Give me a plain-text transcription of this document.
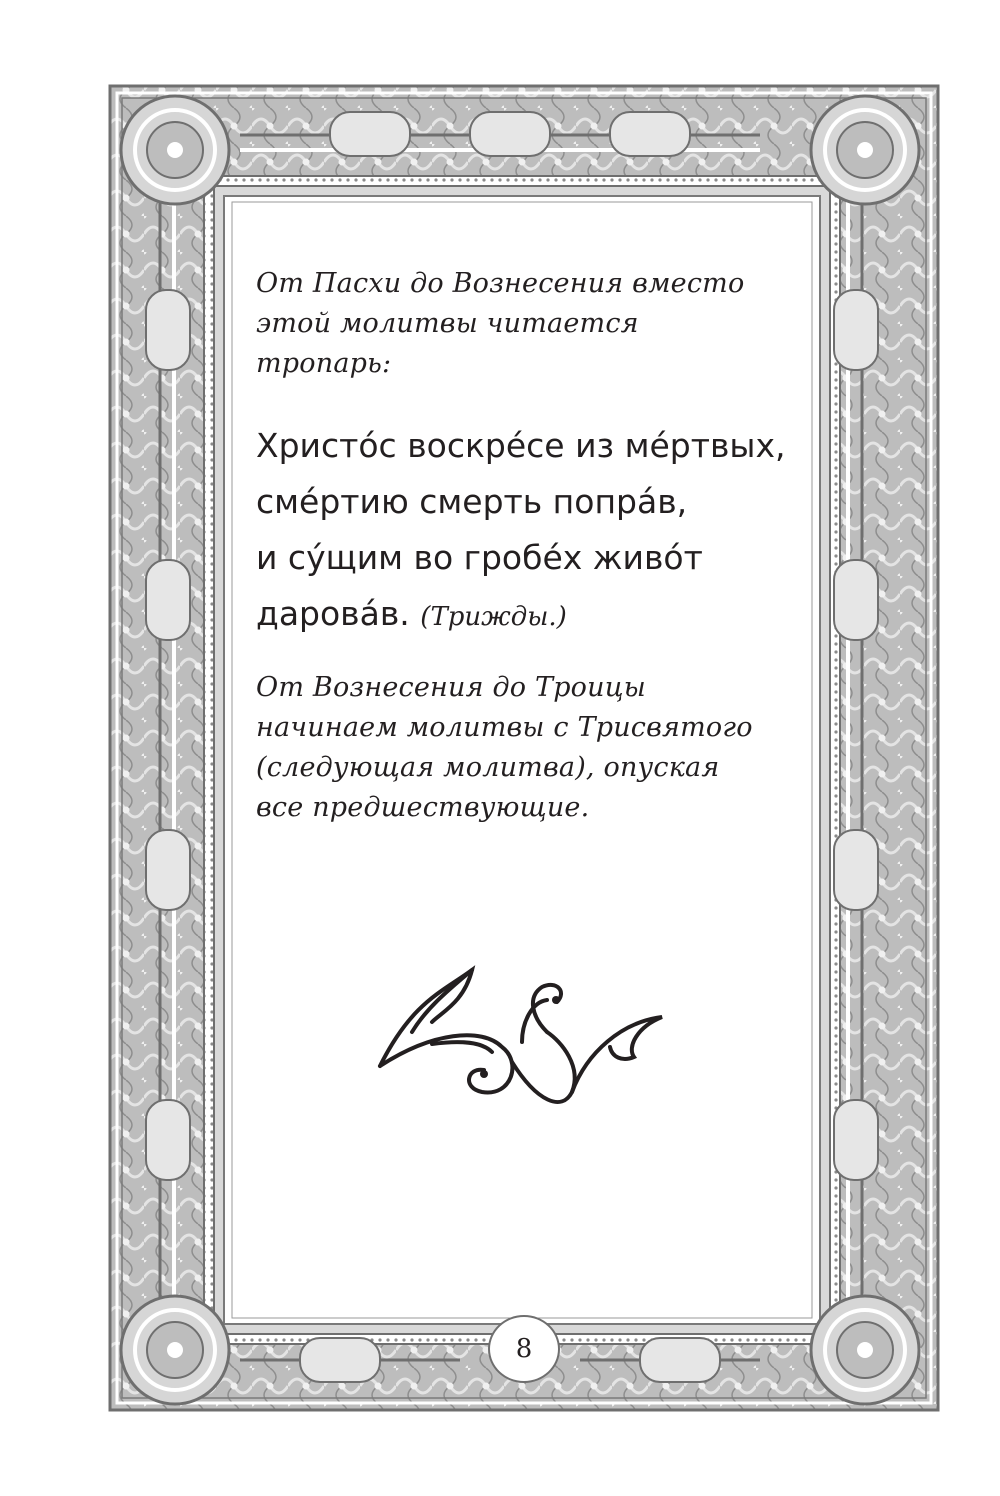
От Пасхи до Вознесения вместо
этой молитвы читается
тропарь:

Христо́с воскре́се из ме́ртвых,
сме́ртию смерть попра́в,
и су́щим во гробе́х живо́т
дарова́в. (Трижды.)

От Вознесения до Троицы
начинаем молитвы с Трисвятого
(следующая молитва), опуская
все предшествующие.

8
